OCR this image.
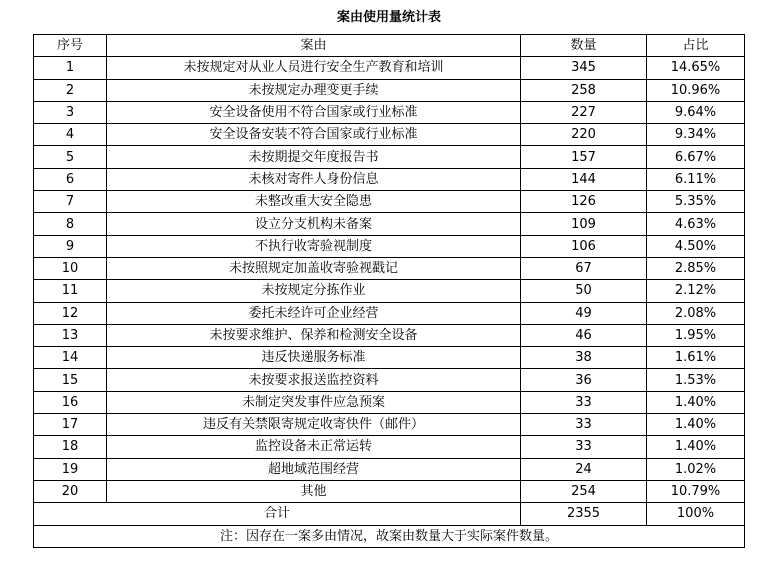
案由使用量统计表
序号	案由	数量	占比
1	未按规定对从业人员进行安全生产教育和培训	345	14.65%
2	未按规定办理变更手续	258	10.96%
3	安全设备使用不符合国家或行业标准	227	9.64%
4	安全设备安装不符合国家或行业标准	220	9.34%
5	未按期提交年度报告书	157	6.67%
6	未核对寄件人身份信息	144	6.11%
7	未整改重大安全隐患	126	5.35%
8	设立分支机构未备案	109	4.63%
9	不执行收寄验视制度	106	4.50%
10	未按照规定加盖收寄验视戳记	67	2.85%
11	未按规定分拣作业	50	2.12%
12	委托未经许可企业经营	49	2.08%
13	未按要求维护、保养和检测安全设备	46	1.95%
14	违反快递服务标准	38	1.61%
15	未按要求报送监控资料	36	1.53%
16	未制定突发事件应急预案	33	1.40%
17	违反有关禁限寄规定收寄快件（邮件）	33	1.40%
18	监控设备未正常运转	33	1.40%
19	超地域范围经营	24	1.02%
20	其他	254	10.79%
合计		2355	100%
注：因存在一案多由情况，故案由数量大于实际案件数量。			
